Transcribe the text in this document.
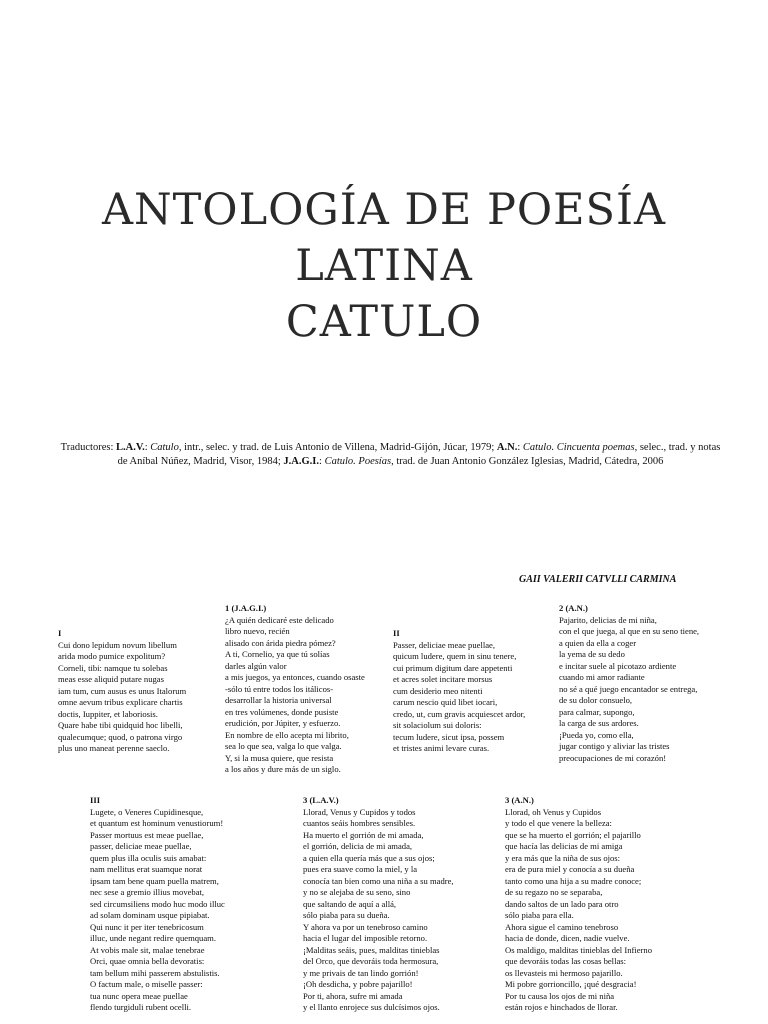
ANTOLOGÍA DE POESÍA
LATINA
CATULO
Traductores: L.A.V.: Catulo, intr., selec. y trad. de Luis Antonio de Villena, Madrid-Gijón, Júcar, 1979; A.N.: Catulo. Cincuenta poemas, selec., trad. y notas de Aníbal Núñez, Madrid, Visor, 1984; J.A.G.I.: Catulo. Poesías, trad. de Juan Antonio González Iglesias, Madrid, Cátedra, 2006
GAII VALERII CATVLLI CARMINA
I
Cui dono lepidum novum libellum
arida modo pumice expolitum?
Corneli, tibi: namque tu solebas
meas esse aliquid putare nugas
iam tum, cum ausus es unus Italorum
omne aevum tribus explicare chartis
doctis, Iuppiter, et laboriosis.
Quare habe tibi quidquid hoc libelli,
qualecumque; quod, o patrona virgo
plus uno maneat perenne saeclo.
1 (J.A.G.I.)
¿A quién dedicaré este delicado
libro nuevo, recién
alisado con árida piedra pómez?
A ti, Cornelio, ya que tú solías
darles algún valor
a mis juegos, ya entonces, cuando osaste
-sólo tú entre todos los itálicos-
desarrollar la historia universal
en tres volúmenes, donde pusiste
erudición, por Júpiter, y esfuerzo.
En nombre de ello acepta mi librito,
sea lo que sea, valga lo que valga.
Y, si la musa quiere, que resista
a los años y dure más de un siglo.
II
Passer, deliciae meae puellae,
quicum ludere, quem in sinu tenere,
cui primum digitum dare appetenti
et acres solet incitare morsus
cum desiderio meo nitenti
carum nescio quid libet iocari,
credo, ut, cum gravis acquiescet ardor,
sit solaciolum sui doloris:
tecum ludere, sicut ipsa, possem
et tristes animi levare curas.
2 (A.N.)
Pajarito, delicias de mi niña,
con el que juega, al que en su seno tiene,
a quien da ella a coger
la yema de su dedo
e incitar suele al picotazo ardiente
cuando mi amor radiante
no sé a qué juego encantador se entrega,
de su dolor consuelo,
para calmar, supongo,
la carga de sus ardores.
¡Pueda yo, como ella,
jugar contigo y aliviar las tristes
preocupaciones de mi corazón!
III
Lugete, o Veneres Cupidinesque,
et quantum est hominum venustiorum!
Passer mortuus est meae puellae,
passer, deliciae meae puellae,
quem plus illa oculis suis amabat:
nam mellitus erat suamque norat
ipsam tam bene quam puella matrem,
nec sese a gremio illius movebat,
sed circumsiliens modo huc modo illuc
ad solam dominam usque pipiabat.
Qui nunc it per iter tenebricosum
illuc, unde negant redire quemquam.
At vobis male sit, malae tenebrae
Orci, quae omnia bella devoratis:
tam bellum mihi passerem abstulistis.
O factum male, o miselle passer:
tua nunc opera meae puellae
flendo turgiduli rubent ocelli.
3 (L.A.V.)
Llorad, Venus y Cupidos y todos
cuantos seáis hombres sensibles.
Ha muerto el gorrión de mi amada,
el gorrión, delicia de mi amada,
a quien ella quería más que a sus ojos;
pues era suave como la miel, y la
conocía tan bien como una niña a su madre,
y no se alejaba de su seno, sino
que saltando de aquí a allá,
sólo piaba para su dueña.
Y ahora va por un tenebroso camino
hacia el lugar del imposible retorno.
¡Malditas seáis, pues, malditas tinieblas
del Orco, que devoráis toda hermosura,
y me privais de tan lindo gorrión!
¡Oh desdicha, y pobre pajarillo!
Por ti, ahora, sufre mi amada
y el llanto enrojece sus dulcísimos ojos.
3 (A.N.)
Llorad, oh Venus y Cupidos
y todo el que venere la belleza:
que se ha muerto el gorrión; el pajarillo
que hacía las delicias de mi amiga
y era más que la niña de sus ojos:
era de pura miel y conocía a su dueña
tanto como una hija a su madre conoce;
de su regazo no se separaba,
dando saltos de un lado para otro
sólo piaba para ella.
Ahora sigue el camino tenebroso
hacia de donde, dicen, nadie vuelve.
Os maldigo, malditas tinieblas del Infierno
que devoráis todas las cosas bellas:
os llevasteis mi hermoso pajarillo.
Mi pobre gorrioncillo, ¡qué desgracia!
Por tu causa los ojos de mi niña
están rojos e hinchados de llorar.
